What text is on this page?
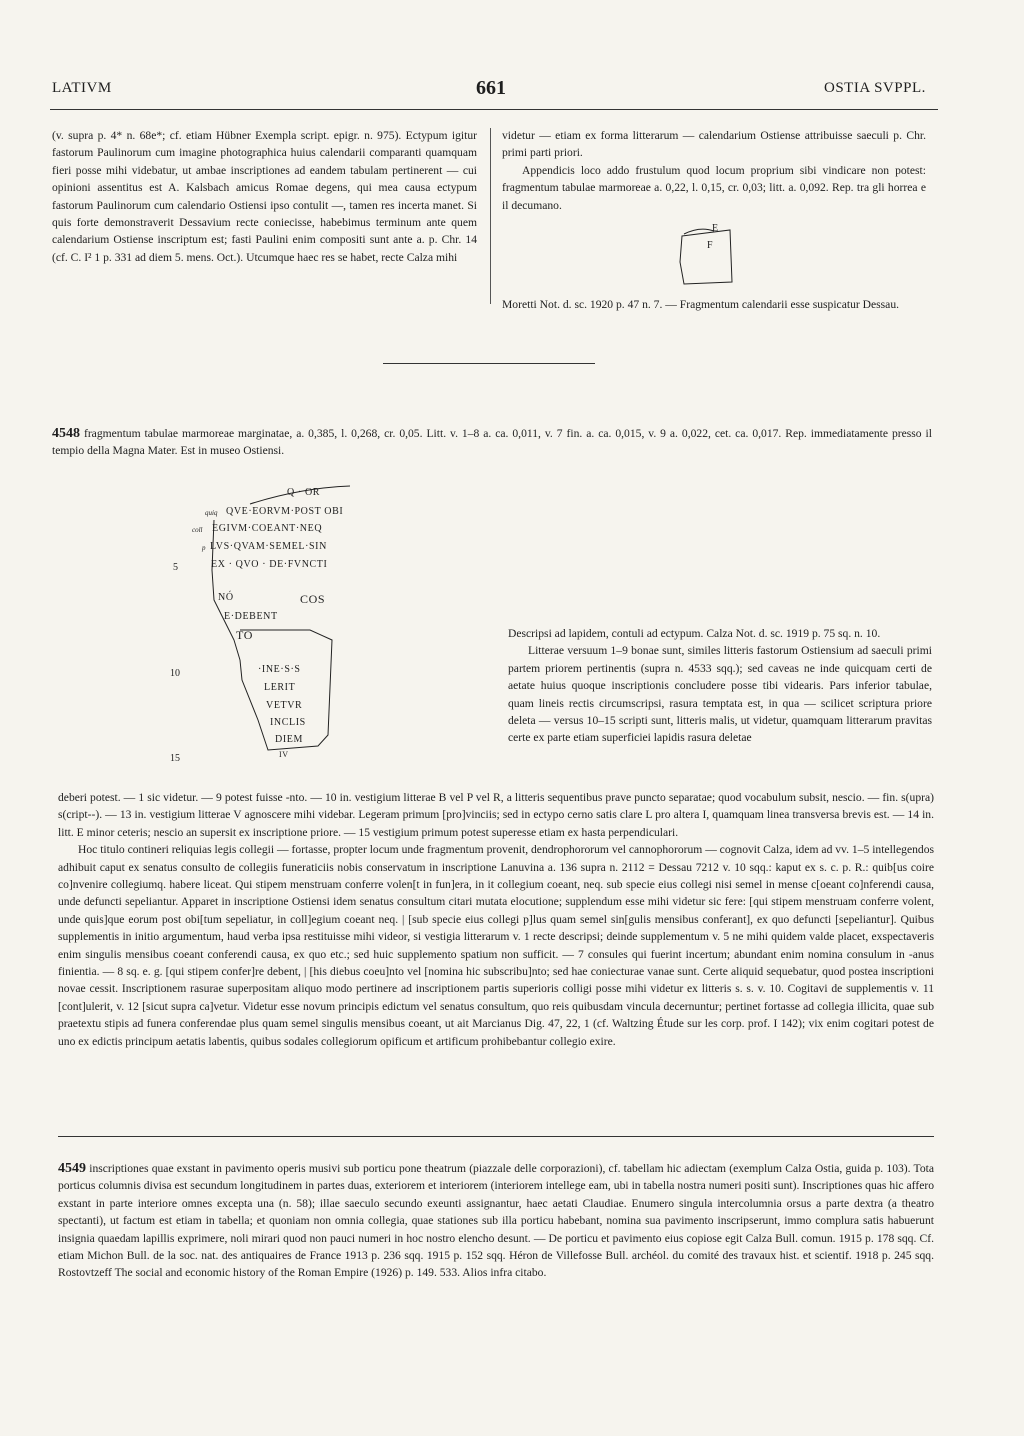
LATIVM	661	OSTIA SVPPL.

(v. supra p. 4* n. 68e*; cf. etiam Hübner Exempla script. epigr. n. 975). Ectypum igitur fastorum Paulinorum cum imagine photographica huius calendarii comparanti quamquam fieri posse mihi videbatur, ut ambae inscriptiones ad eandem tabulam pertinerent — cui opinioni assentitus est A. Kalsbach amicus Romae degens, qui mea causa ectypum fastorum Paulinorum cum calendario Ostiensi ipso contulit —, tamen res incerta manet. Si quis forte demonstraverit Dessavium recte coniecisse, habebimus terminum ante quem calendarium Ostiense inscriptum est; fasti Paulini enim compositi sunt ante a. p. Chr. 14 (cf. C. I² 1 p. 331 ad diem 5. mens. Oct.). Utcumque haec res se habet, recte Calza mihi

videtur — etiam ex forma litterarum — calendarium Ostiense attribuisse saeculi p. Chr. primi parti priori.

Appendicis loco addo frustulum quod locum proprium sibi vindicare non potest: fragmentum tabulae marmoreae a. 0,22, l. 0,15, cr. 0,03; litt. a. 0,092. Rep. tra gli horrea e il decumano.

E
F

Moretti Not. d. sc. 1920 p. 47 n. 7. — Fragmentum calendarii esse suspicatur Dessau.

4548 fragmentum tabulae marmoreae marginatae, a. 0,385, l. 0,268, cr. 0,05. Litt. v. 1–8 a. ca. 0,011, v. 7 fin. a. ca. 0,015, v. 9 a. 0,022, cet. ca. 0,017. Rep. immediatamente presso il tempio della Magna Mater. Est in museo Ostiensi.

Q · OR
quiq QVE·EORVM·POST OBI
coll EGIVM·COEANT·NEQ
p LVS·QVAM·SEMEL·SIN
EX · QVO · DE·FVNCTI
NÓ	COS
E·DEBENT
TO
·INE·S·S
LERIT
VETVR
INCLIS
DIEM
IV
5
10
15

Descripsi ad lapidem, contuli ad ectypum. Calza Not. d. sc. 1919 p. 75 sq. n. 10.

Litterae versuum 1–9 bonae sunt, similes litteris fastorum Ostiensium ad saeculi primi partem priorem pertinentis (supra n. 4533 sqq.); sed caveas ne inde quicquam certi de aetate huius quoque inscriptionis concludere posse tibi videaris. Pars inferior tabulae, quam lineis rectis circumscripsi, rasura temptata est, in qua — scilicet scriptura priore deleta — versus 10–15 scripti sunt, litteris malis, ut videtur, quamquam litterarum pravitas certe ex parte etiam superficiei lapidis rasura deletae

deberi potest. — 1 sic videtur. — 9 potest fuisse -nto. — 10 in. vestigium litterae B vel P vel R, a litteris sequentibus prave puncto separatae; quod vocabulum subsit, nescio. — fin. s(upra) s(cript--). — 13 in. vestigium litterae V agnoscere mihi videbar. Legeram primum [pro]vinciis; sed in ectypo cerno satis clare L pro altera I, quamquam linea transversa brevis est. — 14 in. litt. E minor ceteris; nescio an supersit ex inscriptione priore. — 15 vestigium primum potest superesse etiam ex hasta perpendiculari.

Hoc titulo contineri reliquias legis collegii — fortasse, propter locum unde fragmentum provenit, dendrophororum vel cannophororum — cognovit Calza, idem ad vv. 1–5 intellegendos adhibuit caput ex senatus consulto de collegiis funeraticiis nobis conservatum in inscriptione Lanuvina a. 136 supra n. 2112 = Dessau 7212 v. 10 sqq.: kaput ex s. c. p. R.: quib[us coire co]nvenire collegiumq. habere liceat. Qui stipem menstruam conferre volen[t in fun]era, in it collegium coeant, neq. sub specie eius collegi nisi semel in mense c[oeant co]nferendi causa, unde defuncti sepeliantur. Apparet in inscriptione Ostiensi idem senatus consultum citari mutata elocutione; supplendum esse mihi videtur sic fere: [qui stipem menstruam conferre volent, unde quis]que eorum post obi[tum sepeliatur, in coll]egium coeant neq. | [sub specie eius collegi p]lus quam semel sin[gulis mensibus conferant], ex quo defuncti [sepeliantur]. Quibus supplementis in initio argumentum, haud verba ipsa restituisse mihi videor, si vestigia litterarum v. 1 recte descripsi; deinde supplementum v. 5 ne mihi quidem valde placet, exspectaveris enim singulis mensibus coeant conferendi causa, ex quo etc.; sed huic supplemento spatium non sufficit. — 7 consules qui fuerint incertum; abundant enim nomina consulum in -anus finientia. — 8 sq. e. g. [qui stipem confer]re debent, | [his diebus coeu]nto vel [nomina hic subscribu]nto; sed hae coniecturae vanae sunt. Certe aliquid sequebatur, quod postea inscriptioni novae cessit. Inscriptionem rasurae superpositam aliquo modo pertinere ad inscriptionem partis superioris colligi posse mihi videtur ex litteris s. s. v. 10. Cogitavi de supplementis v. 11 [cont]ulerit, v. 12 [sicut supra ca]vetur. Videtur esse novum principis edictum vel senatus consultum, quo reis quibusdam vincula decernuntur; pertinet fortasse ad collegia illicita, quae sub praetextu stipis ad funera conferendae plus quam semel singulis mensibus coeant, ut ait Marcianus Dig. 47, 22, 1 (cf. Waltzing Étude sur les corp. prof. I 142); vix enim cogitari potest de uno ex edictis principum aetatis labentis, quibus sodales collegiorum opificum et artificum prohibebantur collegio exire.

4549 inscriptiones quae exstant in pavimento operis musivi sub porticu pone theatrum (piazzale delle corporazioni), cf. tabellam hic adiectam (exemplum Calza Ostia, guida p. 103). Tota porticus columnis divisa est secundum longitudinem in partes duas, exteriorem et interiorem (interiorem intellege eam, ubi in tabella nostra numeri positi sunt). Inscriptiones quas hic affero exstant in parte interiore omnes excepta una (n. 58); illae saeculo secundo exeunti assignantur, haec aetati Claudiae. Enumero singula intercolumnia orsus a parte dextra (a theatro spectanti), ut factum est etiam in tabella; et quoniam non omnia collegia, quae stationes sub illa porticu habebant, nomina sua pavimento inscripserunt, immo complura satis habuerunt insignia quaedam lapillis exprimere, noli mirari quod non pauci numeri in hoc nostro elencho desunt. — De porticu et pavimento eius copiose egit Calza Bull. comun. 1915 p. 178 sqq. Cf. etiam Michon Bull. de la soc. nat. des antiquaires de France 1913 p. 236 sqq. 1915 p. 152 sqq. Héron de Villefosse Bull. archéol. du comité des travaux hist. et scientif. 1918 p. 245 sqq. Rostovtzeff The social and economic history of the Roman Empire (1926) p. 149. 533. Alios infra citabo.
